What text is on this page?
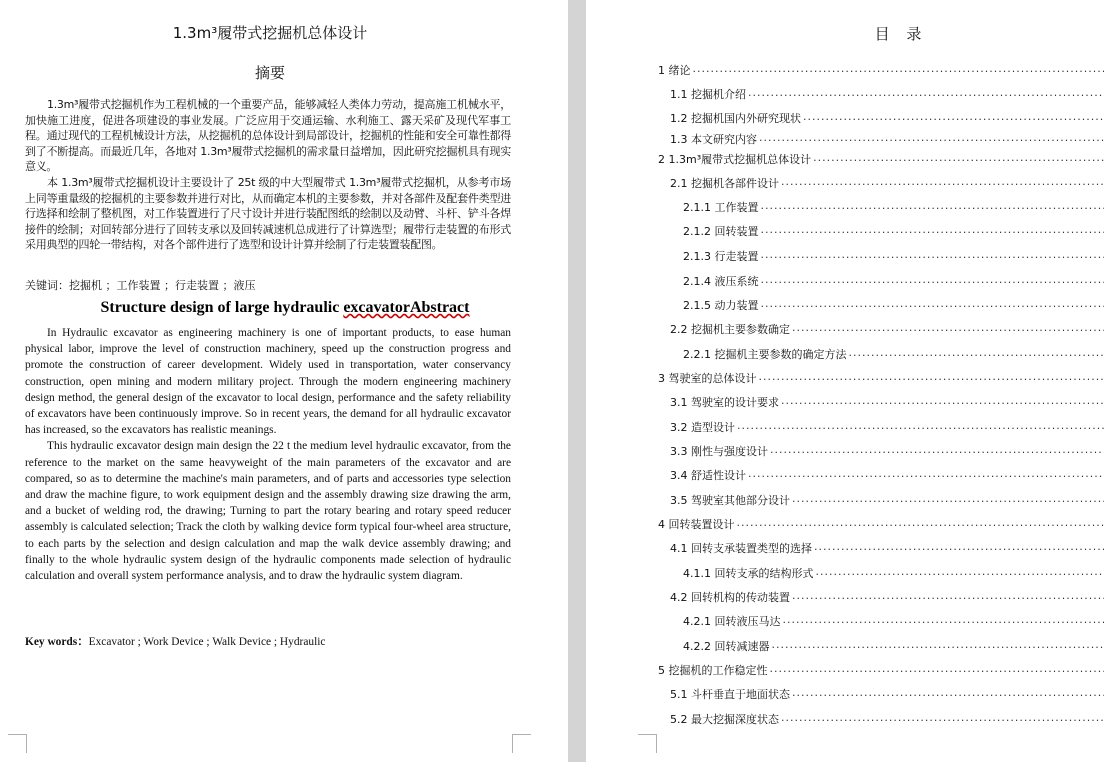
1.3m³履带式挖掘机总体设计
摘要

1.3m³履带式挖掘机作为工程机械的一个重要产品，能够减轻人类体力劳动，提高施工机械水平，加快施工进度，促进各项建设的事业发展。广泛应用于交通运输、水利施工、露天采矿及现代军事工程。通过现代的工程机械设计方法，从挖掘机的总体设计到局部设计，挖掘机的性能和安全可靠性都得到了不断提高。而最近几年，各地对 1.3m³履带式挖掘机的需求量日益增加，因此研究挖掘机具有现实意义。

本 1.3m³履带式挖掘机设计主要设计了 25t 级的中大型履带式 1.3m³履带式挖掘机，从参考市场上同等重量级的挖掘机的主要参数并进行对比，从而确定本机的主要参数，并对各部件及配套件类型进行选择和绘制了整机图，对工作装置进行了尺寸设计并进行装配图纸的绘制以及动臂、斗杆、铲斗各焊接件的绘制；对回转部分进行了回转支承以及回转减速机总成进行了计算选型；履带行走装置的布形式采用典型的四轮一带结构，对各个部件进行了选型和设计计算并绘制了行走装置装配图。

关键词：挖掘机 ；工作装置 ；行走装置 ；液压
Structure design of large hydraulic excavatorAbstract

In Hydraulic excavator as engineering machinery is one of important products, to ease human physical labor, improve the level of construction machinery, speed up the construction progress and promote the construction of career development. Widely used in transportation, water conservancy construction, open mining and modern military project. Through the modern engineering machinery design method, the general design of the excavator to local design, performance and the safety reliability of excavators have been continuously improve. So in recent years, the demand for all hydraulic excavator has increased, so the excavators has realistic meanings.

This hydraulic excavator design main design the 22 t the medium level hydraulic excavator, from the reference to the market on the same heavyweight of the main parameters of the excavator and are compared, so as to determine the machine's main parameters, and of parts and accessories type selection and draw the machine figure, to work equipment design and the assembly drawing size drawing the arm, and a bucket of welding rod, the drawing; Turning to part the rotary bearing and rotary speed reducer assembly is calculated selection; Track the cloth by walking device form typical four-wheel area structure, to each parts by the selection and design calculation and map the walk device assembly drawing; and finally to the whole hydraulic system design of the hydraulic components made selection of hydraulic calculation and overall system performance analysis, and to draw the hydraulic system diagram.

Key words：Excavator ; Work Device ; Walk Device ; Hydraulic
目 录
1 绪论
·····
1.1 挖掘机介绍
·····
1.2 挖掘机国内外研究现状
·····
1.3 本文研究内容
·····
2 1.3m³履带式挖掘机总体设计
·····
2.1 挖掘机各部件设计
·····
2.1.1 工作装置
·····
2.1.2 回转装置
·····
2.1.3 行走装置
·····
2.1.4 液压系统
·····
2.1.5 动力装置
·····
2.2 挖掘机主要参数确定
·····
2.2.1 挖掘机主要参数的确定方法
·····
3 驾驶室的总体设计
·····
3.1 驾驶室的设计要求
·····
3.2 造型设计
·····
3.3 刚性与强度设计
·····
3.4 舒适性设计
·····
3.5 驾驶室其他部分设计
·····
4 回转装置设计
·····
4.1 回转支承装置类型的选择
·····
4.1.1 回转支承的结构形式
·····
4.2 回转机构的传动装置
·····
4.2.1 回转液压马达
·····
4.2.2 回转减速器
·····
5 挖掘机的工作稳定性
·····
5.1 斗杆垂直于地面状态
·····
5.2 最大挖掘深度状态
·····
